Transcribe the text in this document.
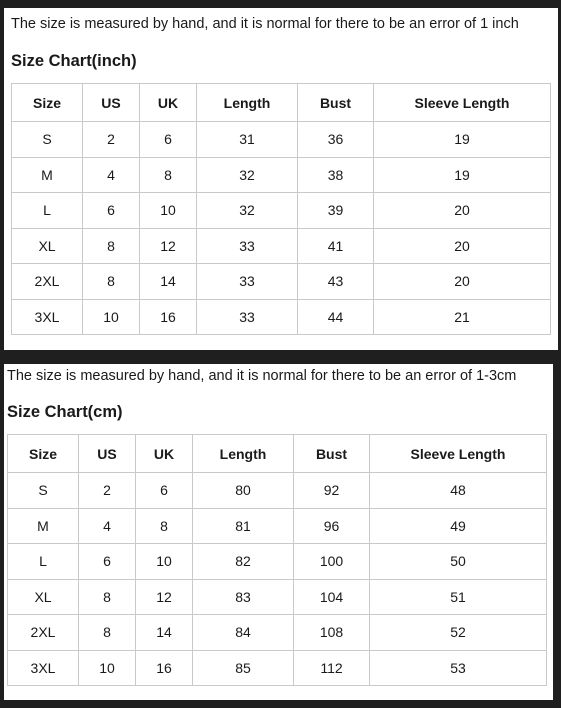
The size is measured by hand, and it is normal for there to be an error of 1 inch
Size Chart(inch)
Size	US	UK	Length	Bust	Sleeve Length
S	2	6	31	36	19
M	4	8	32	38	19
L	6	10	32	39	20
XL	8	12	33	41	20
2XL	8	14	33	43	20
3XL	10	16	33	44	21
The size is measured by hand, and it is normal for there to be an error of 1-3cm
Size Chart(cm)
Size	US	UK	Length	Bust	Sleeve Length
S	2	6	80	92	48
M	4	8	81	96	49
L	6	10	82	100	50
XL	8	12	83	104	51
2XL	8	14	84	108	52
3XL	10	16	85	112	53
